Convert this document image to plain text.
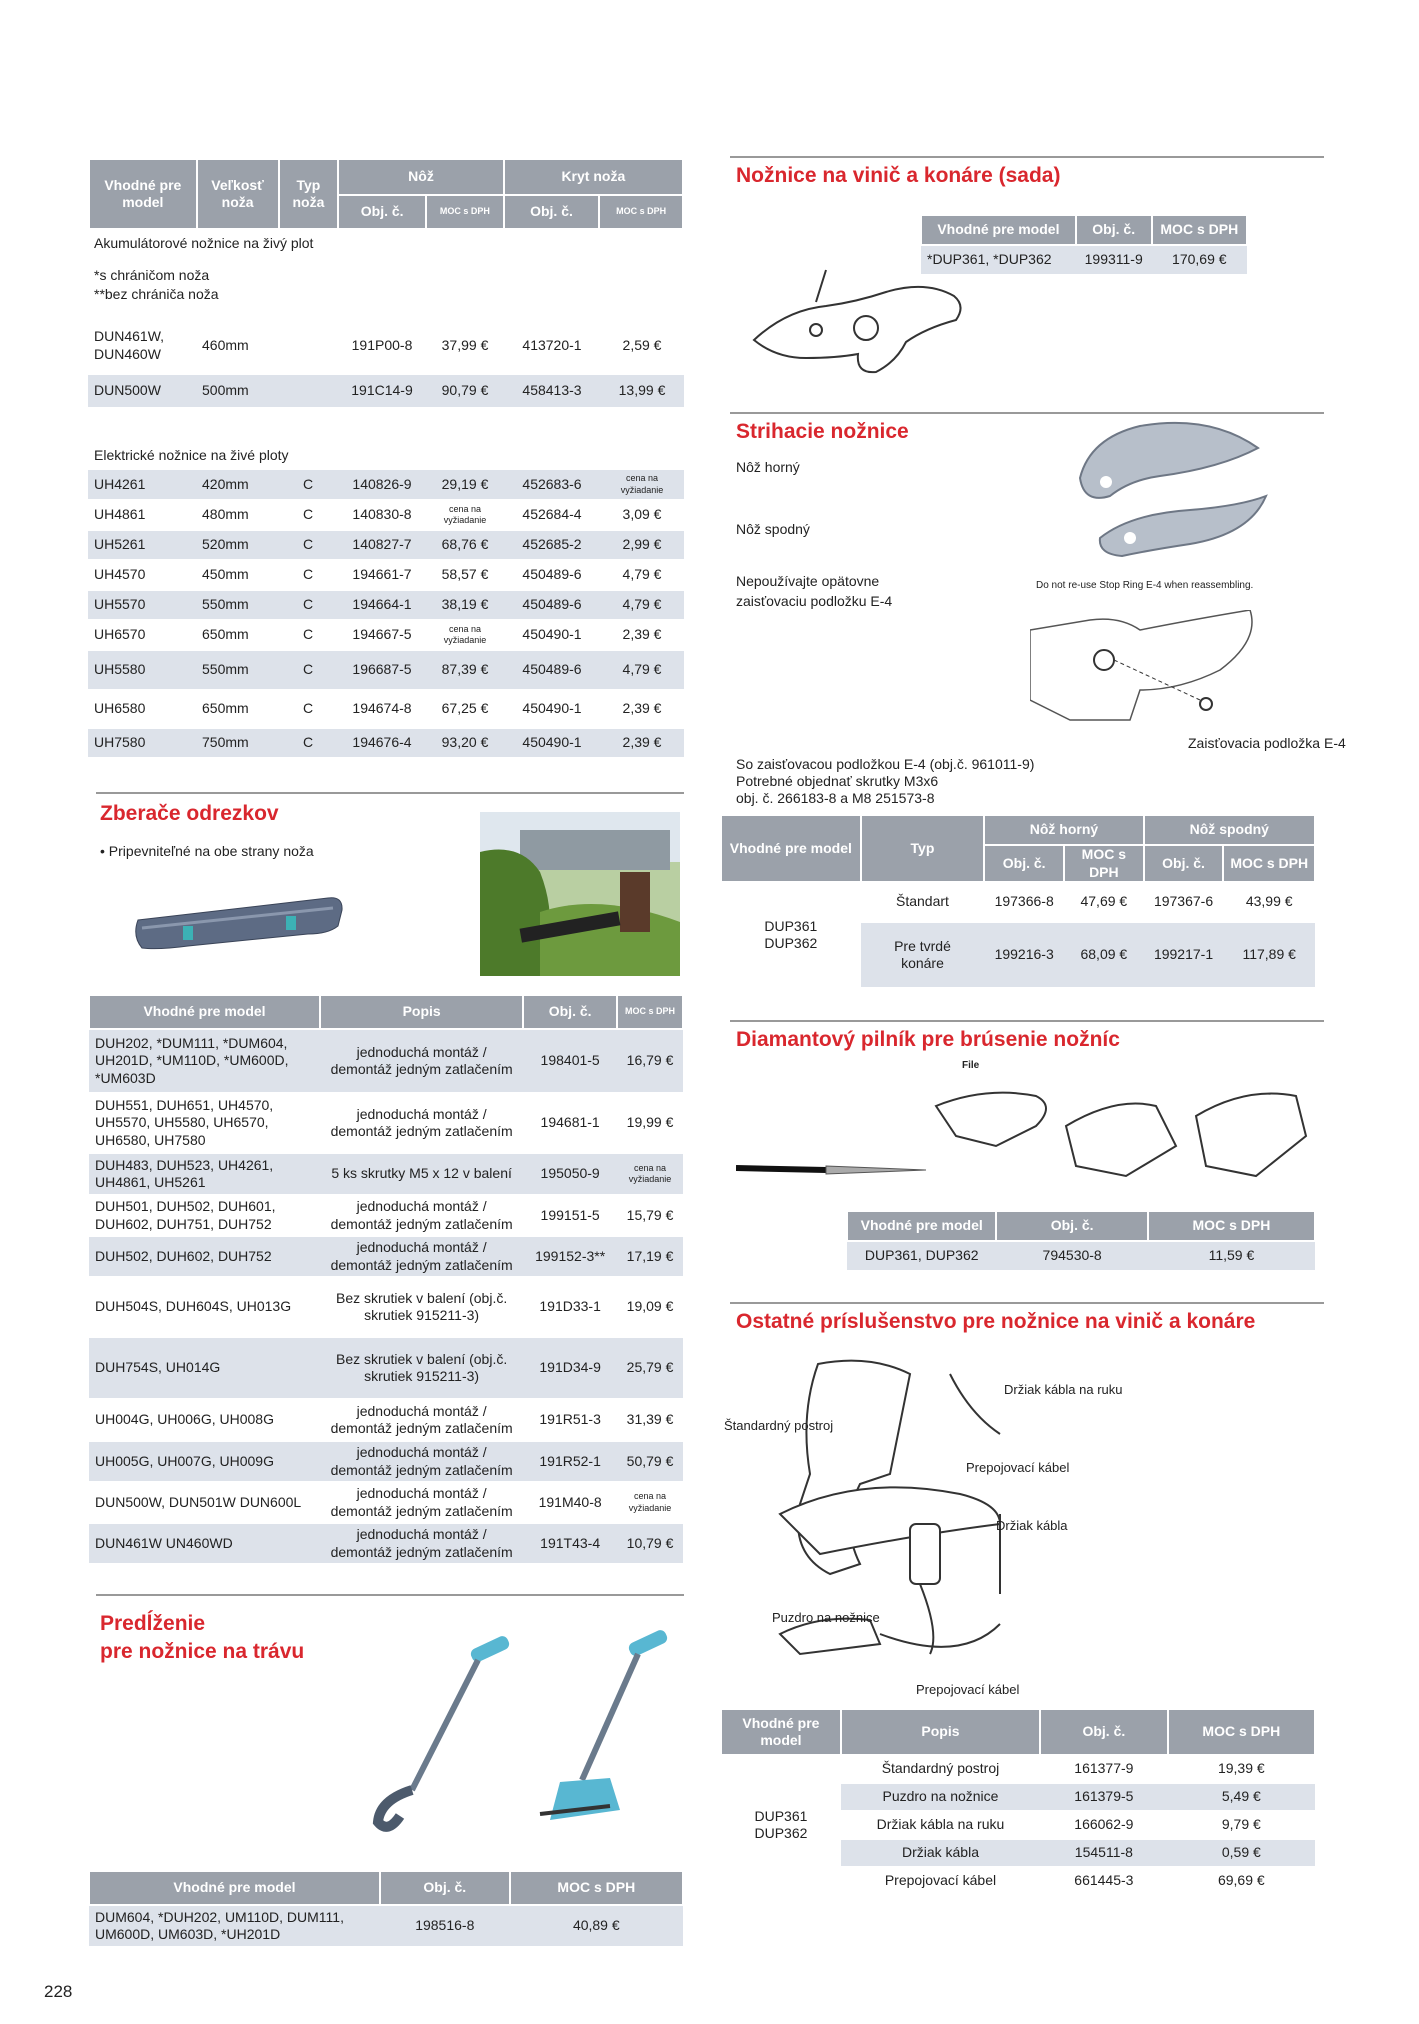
Vhodné pre model	Veľkosť noža	Typ noža	Nôž		Kryt noža	
			Obj. č.	MOC s DPH	Obj. č.	MOC s DPH
Akumulátorové nožnice na živý plot
*s chráničom noža
**bez chrániča noža
DUN461W, DUN460W	460mm		191P00-8	37,99 €	413720-1	2,59 €
DUN500W	500mm		191C14-9	90,79 €	458413-3	13,99 €
Elektrické nožnice na živé ploty
UH4261	420mm	C	140826-9	29,19 €	452683-6	cena na vyžiadanie
UH4861	480mm	C	140830-8	cena na vyžiadanie	452684-4	3,09 €
UH5261	520mm	C	140827-7	68,76 €	452685-2	2,99 €
UH4570	450mm	C	194661-7	58,57 €	450489-6	4,79 €
UH5570	550mm	C	194664-1	38,19 €	450489-6	4,79 €
UH6570	650mm	C	194667-5	cena na vyžiadanie	450490-1	2,39 €
UH5580	550mm	C	196687-5	87,39 €	450489-6	4,79 €
UH6580	650mm	C	194674-8	67,25 €	450490-1	2,39 €
UH7580	750mm	C	194676-4	93,20 €	450490-1	2,39 €
Zberače odrezkov
• Pripevniteľné na obe strany noža
Vhodné pre model	Popis	Obj. č.	MOC s DPH
DUH202, *DUM111, *DUM604, UH201D, *UM110D, *UM600D, *UM603D	jednoduchá montáž / demontáž jedným zatlačením	198401-5	16,79 €
DUH551, DUH651, UH4570, UH5570, UH5580, UH6570, UH6580, UH7580	jednoduchá montáž / demontáž jedným zatlačením	194681-1	19,99 €
DUH483, DUH523, UH4261, UH4861, UH5261	5 ks skrutky M5 x 12 v balení	195050-9	cena na vyžiadanie
DUH501, DUH502, DUH601, DUH602, DUH751, DUH752	jednoduchá montáž / demontáž jedným zatlačením	199151-5	15,79 €
DUH502, DUH602, DUH752	jednoduchá montáž / demontáž jedným zatlačením	199152-3**	17,19 €
DUH504S, DUH604S, UH013G	Bez skrutiek v balení (obj.č. skrutiek 915211-3)	191D33-1	19,09 €
DUH754S, UH014G	Bez skrutiek v balení (obj.č. skrutiek 915211-3)	191D34-9	25,79 €
UH004G, UH006G, UH008G	jednoduchá montáž / demontáž jedným zatlačením	191R51-3	31,39 €
UH005G, UH007G, UH009G	jednoduchá montáž / demontáž jedným zatlačením	191R52-1	50,79 €
DUN500W, DUN501W DUN600L	jednoduchá montáž / demontáž jedným zatlačením	191M40-8	cena na vyžiadanie
DUN461W UN460WD	jednoduchá montáž / demontáž jedným zatlačením	191T43-4	10,79 €
Predĺženie
pre nožnice na trávu
Vhodné pre model	Obj. č.	MOC s DPH
DUM604, *DUH202, UM110D, DUM111, UM600D, UM603D, *UH201D	198516-8	40,89 €
228
Nožnice na vinič a konáre (sada)
Vhodné pre model	Obj. č.	MOC s DPH
*DUP361, *DUP362	199311-9	170,69 €
Strihacie nožnice
Nôž horný
Nôž spodný
Nepoužívajte opätovne
zaisťovaciu podložku E-4
Do not re-use Stop Ring E-4 when reassembling.
Zaisťovacia podložka E-4
So zaisťovacou podložkou E-4 (obj.č. 961011-9)
Potrebné objednať skrutky M3x6
obj. č. 266183-8 a M8 251573-8
Vhodné pre model	Typ	Nôž horný		Nôž spodný	
		Obj. č.	MOC s DPH	Obj. č.	MOC s DPH
DUP361 DUP362	Štandart	197366-8	47,69 €	197367-6	43,99 €
	Pre tvrdé konáre	199216-3	68,09 €	199217-1	117,89 €
Diamantový pilník pre brúsenie nožníc
File
Vhodné pre model	Obj. č.	MOC s DPH
DUP361, DUP362	794530-8	11,59 €
Ostatné príslušenstvo pre nožnice na vinič a konáre
Štandardný postroj
Držiak kábla na ruku
Prepojovací kábel
Držiak kábla
Puzdro na nožnice
Prepojovací kábel
Vhodné pre model	Popis	Obj. č.	MOC s DPH
DUP361 DUP362	Štandardný postroj	161377-9	19,39 €
	Puzdro na nožnice	161379-5	5,49 €
	Držiak kábla na ruku	166062-9	9,79 €
	Držiak kábla	154511-8	0,59 €
	Prepojovací kábel	661445-3	69,69 €
